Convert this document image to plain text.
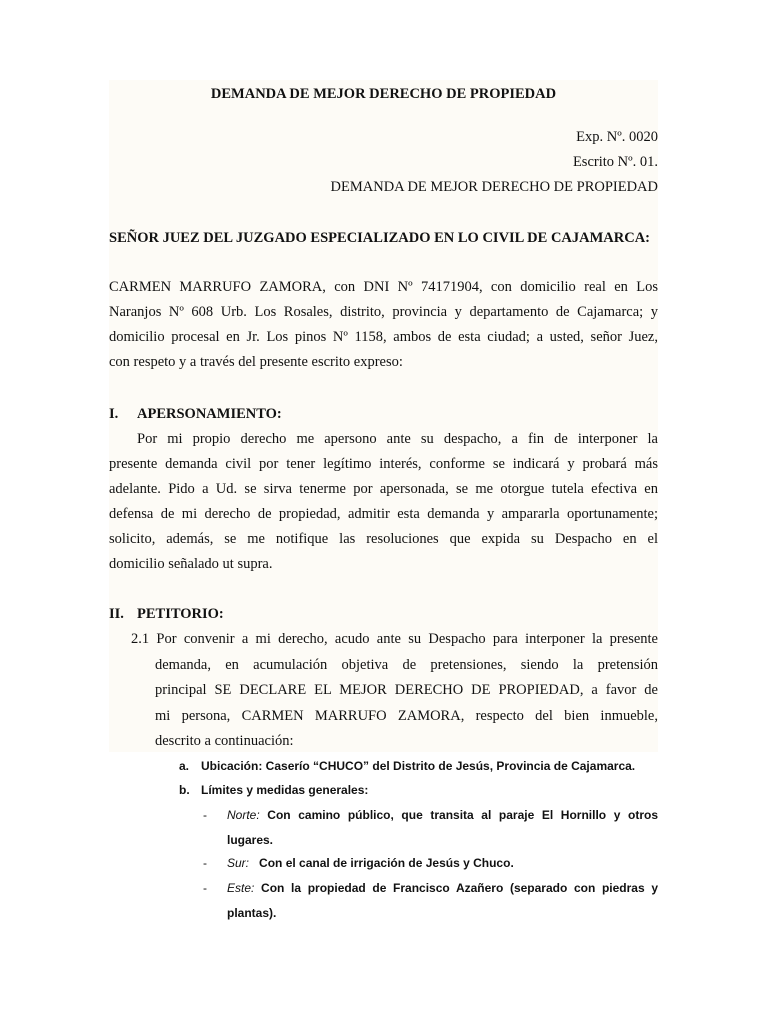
DEMANDA DE MEJOR DERECHO DE PROPIEDAD
Exp. Nº. 0020
Escrito Nº. 01.
DEMANDA DE MEJOR DERECHO DE PROPIEDAD
SEÑOR JUEZ DEL JUZGADO ESPECIALIZADO EN LO CIVIL DE CAJAMARCA:
CARMEN MARRUFO ZAMORA, con DNI Nº 74171904, con domicilio real en Los
Naranjos Nº 608 Urb. Los Rosales, distrito, provincia y departamento de Cajamarca; y
domicilio procesal en Jr. Los pinos Nº 1158, ambos de esta ciudad; a usted, señor Juez,
con respeto y a través del presente escrito expreso:
I. APERSONAMIENTO:
Por mi propio derecho me apersono ante su despacho, a fin de interponer la
presente demanda civil por tener legítimo interés, conforme se indicará y probará más
adelante. Pido a Ud. se sirva tenerme por apersonada, se me otorgue tutela efectiva en
defensa de mi derecho de propiedad, admitir esta demanda y ampararla oportunamente;
solicito, además, se me notifique las resoluciones que expida su Despacho en el
domicilio señalado ut supra.
II. PETITORIO:
2.1 Por convenir a mi derecho, acudo ante su Despacho para interponer la presente
demanda, en acumulación objetiva de pretensiones, siendo la pretensión
principal SE DECLARE EL MEJOR DERECHO DE PROPIEDAD, a favor de
mi persona, CARMEN MARRUFO ZAMORA, respecto del bien inmueble,
descrito a continuación:
a. Ubicación: Caserío “CHUCO” del Distrito de Jesús, Provincia de Cajamarca.
b. Límites y medidas generales:
- Norte: Con camino público, que transita al paraje El Hornillo y otros
lugares.
- Sur: Con el canal de irrigación de Jesús y Chuco.
- Este: Con la propiedad de Francisco Azañero (separado con piedras y
plantas).
